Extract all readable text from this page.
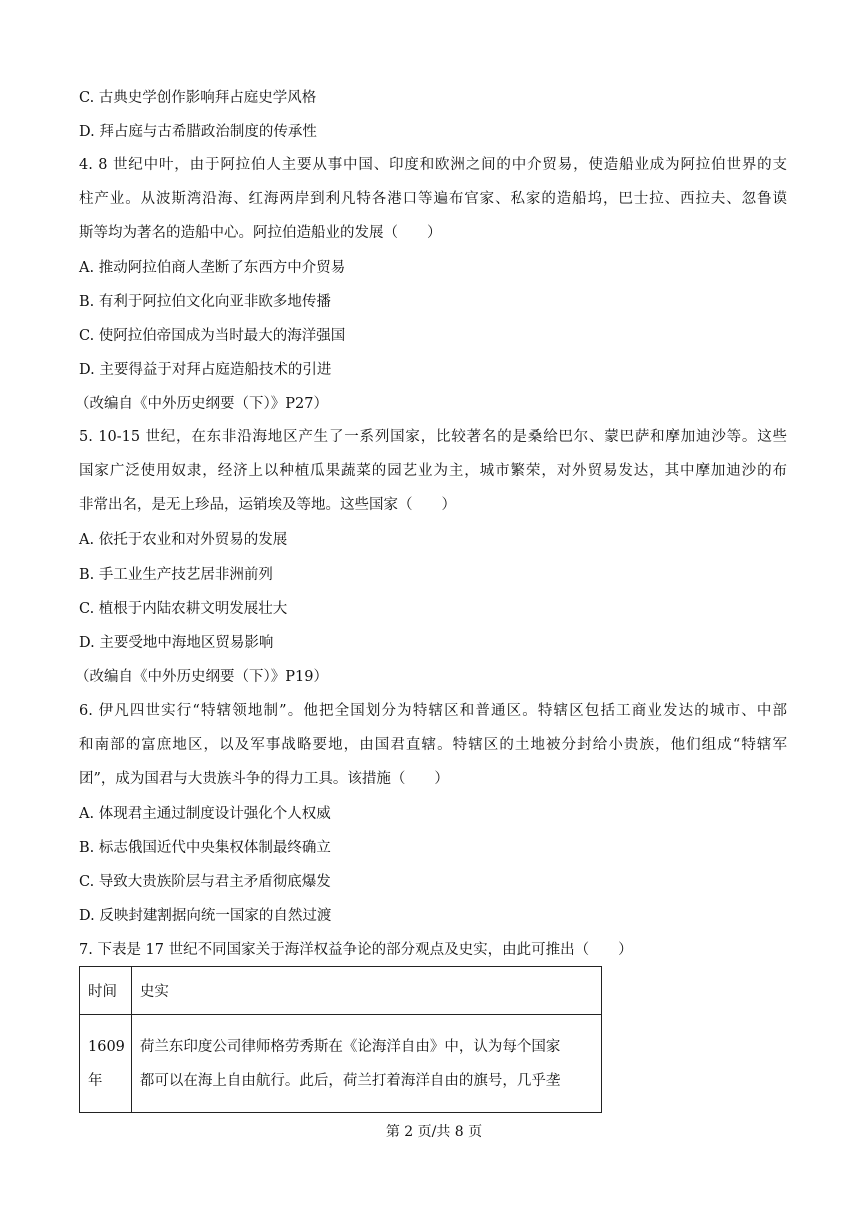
C. 古典史学创作影响拜占庭史学风格
D. 拜占庭与古希腊政治制度的传承性
4. 8 世纪中叶，由于阿拉伯人主要从事中国、印度和欧洲之间的中介贸易，使造船业成为阿拉伯世界的支
柱产业。从波斯湾沿海、红海两岸到利凡特各港口等遍布官家、私家的造船坞，巴士拉、西拉夫、忽鲁谟
斯等均为著名的造船中心。阿拉伯造船业的发展（　　）
A. 推动阿拉伯商人垄断了东西方中介贸易
B. 有利于阿拉伯文化向亚非欧多地传播
C. 使阿拉伯帝国成为当时最大的海洋强国
D. 主要得益于对拜占庭造船技术的引进
（改编自《中外历史纲要（下）》P27）
5. 10-15 世纪，在东非沿海地区产生了一系列国家，比较著名的是桑给巴尔、蒙巴萨和摩加迪沙等。这些
国家广泛使用奴隶，经济上以种植瓜果蔬菜的园艺业为主，城市繁荣，对外贸易发达，其中摩加迪沙的布
非常出名，是无上珍品，运销埃及等地。这些国家（　　）
A. 依托于农业和对外贸易的发展
B. 手工业生产技艺居非洲前列
C. 植根于内陆农耕文明发展壮大
D. 主要受地中海地区贸易影响
（改编自《中外历史纲要（下）》P19）
6. 伊凡四世实行“特辖领地制”。他把全国划分为特辖区和普通区。特辖区包括工商业发达的城市、中部
和南部的富庶地区，以及军事战略要地，由国君直辖。特辖区的土地被分封给小贵族，他们组成“特辖军
团”，成为国君与大贵族斗争的得力工具。该措施（　　）
A. 体现君主通过制度设计强化个人权威
B. 标志俄国近代中央集权体制最终确立
C. 导致大贵族阶层与君主矛盾彻底爆发
D. 反映封建割据向统一国家的自然过渡
7. 下表是 17 世纪不同国家关于海洋权益争论的部分观点及史实，由此可推出（　　）
时间	史实

1609
年	荷兰东印度公司律师格劳秀斯在《论海洋自由》中，认为每个国家
都可以在海上自由航行。此后，荷兰打着海洋自由的旗号，几乎垄
第 2 页/共 8 页
